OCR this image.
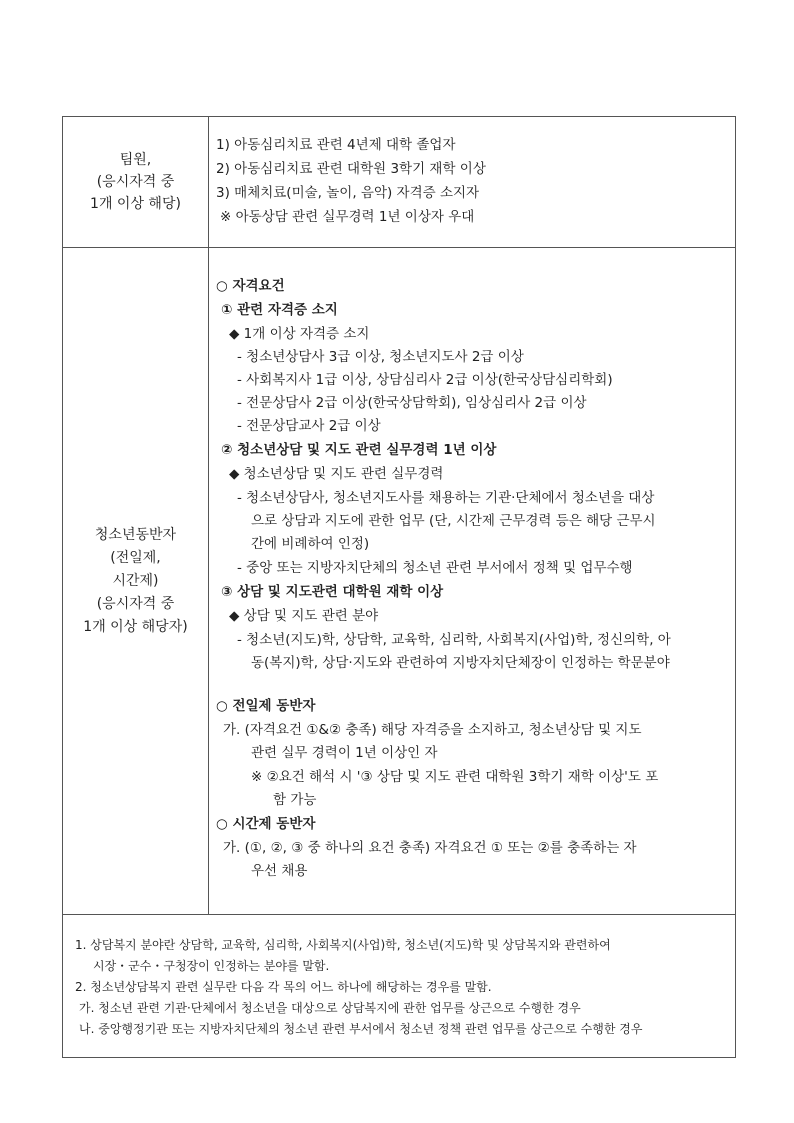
팀원,
(응시자격 중
1개 이상 해당)
1) 아동심리치료 관련 4년제 대학 졸업자
2) 아동심리치료 관련 대학원 3학기 재학 이상
3) 매체치료(미술, 놀이, 음악) 자격증 소지자
※ 아동상담 관련 실무경력 1년 이상자 우대
청소년동반자
(전일제,
시간제)
(응시자격 중
1개 이상 해당자)
○ 자격요건
① 관련 자격증 소지
◆ 1개 이상 자격증 소지
- 청소년상담사 3급 이상, 청소년지도사 2급 이상
- 사회복지사 1급 이상, 상담심리사 2급 이상(한국상담심리학회)
- 전문상담사 2급 이상(한국상담학회), 임상심리사 2급 이상
- 전문상담교사 2급 이상
② 청소년상담 및 지도 관련 실무경력 1년 이상
◆ 청소년상담 및 지도 관련 실무경력
- 청소년상담사, 청소년지도사를 채용하는 기관·단체에서 청소년을 대상
으로 상담과 지도에 관한 업무 (단, 시간제 근무경력 등은 해당 근무시
간에 비례하여 인정)
- 중앙 또는 지방자치단체의 청소년 관련 부서에서 정책 및 업무수행
③ 상담 및 지도관련 대학원 재학 이상
◆ 상담 및 지도 관련 분야
- 청소년(지도)학, 상담학, 교육학, 심리학, 사회복지(사업)학, 정신의학, 아
동(복지)학, 상담·지도와 관련하여 지방자치단체장이 인정하는 학문분야
○ 전일제 동반자
가. (자격요건 ①&② 충족) 해당 자격증을 소지하고, 청소년상담 및 지도
관련 실무 경력이 1년 이상인 자
※ ②요건 해석 시 '③ 상담 및 지도 관련 대학원 3학기 재학 이상'도 포
함 가능
○ 시간제 동반자
가. (①, ②, ③ 중 하나의 요건 충족) 자격요건 ① 또는 ②를 충족하는 자
우선 채용
1. 상담복지 분야란 상담학, 교육학, 심리학, 사회복지(사업)학, 청소년(지도)학 및 상담복지와 관련하여
시장・군수・구청장이 인정하는 분야를 말함.
2. 청소년상담복지 관련 실무란 다음 각 목의 어느 하나에 해당하는 경우를 말함.
가. 청소년 관련 기관·단체에서 청소년을 대상으로 상담복지에 관한 업무를 상근으로 수행한 경우
나. 중앙행정기관 또는 지방자치단체의 청소년 관련 부서에서 청소년 정책 관련 업무를 상근으로 수행한 경우
